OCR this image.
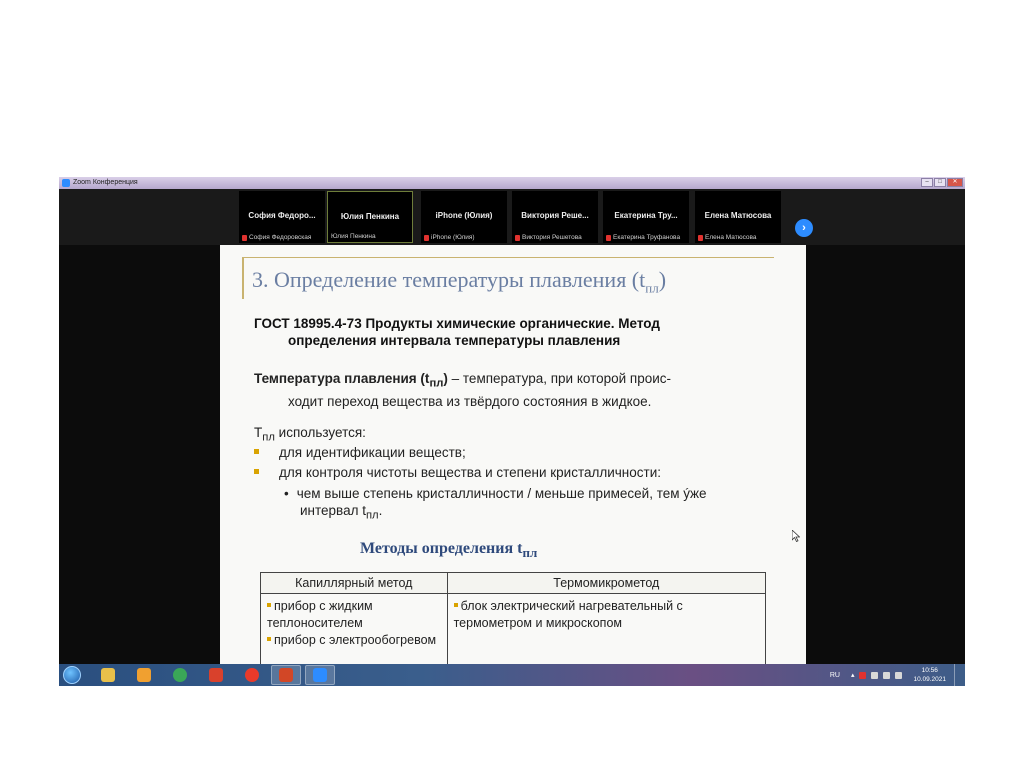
Zoom Конференция	–	□	✕
София Федоро...
София Федоровская
Юлия Пенкина
Юлия Пенкина
iPhone (Юлия)
iPhone (Юлия)
Виктория Реше...
Виктория Решетова
Екатерина Тру...
Екатерина Труфанова
Елена Матюсова
Елена Матюсова
›
3. Определение температуры плавления $(t_{пл})$
ГОСТ 18995.4-73 Продукты химические органические. Метод
определения интервала температуры плавления
Температура плавления $(t_{пл})$ – температура, при которой проис-
ходит переход вещества из твёрдого состояния в жидкое.
$Т_{пл}$ используется:
для идентификации веществ;
для контроля чистоты вещества и степени кристалличности:
• чем выше степень кристалличности / меньше примесей, тем ýже
интервал $t_{пл}$.
Методы определения $t_{пл}$
Капиллярный метод	Термомикрометод

прибор с жидким теплоносителем
прибор с электрообогревом	блок электрический нагревательный с термометром и микроскопом
RU ▴
10:56
10.09.2021
